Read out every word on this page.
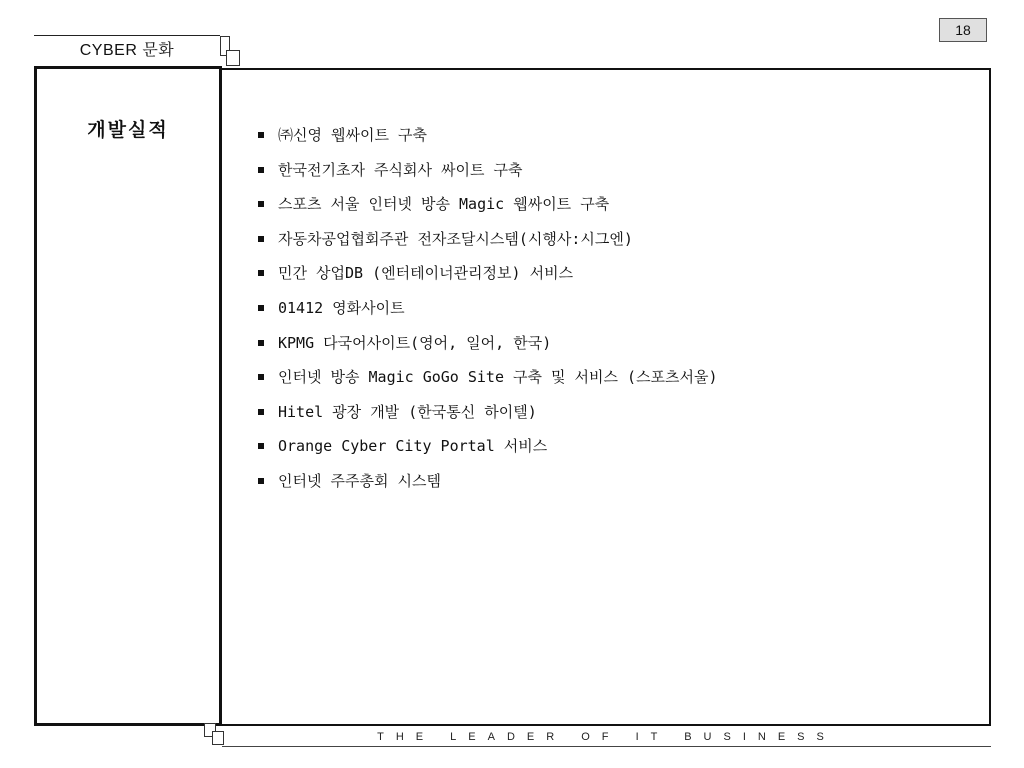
18
CYBER 문화
개발실적	㈜신영 웹싸이트 구축
한국전기초자 주식회사 싸이트 구축
스포츠 서울 인터넷 방송 Magic 웹싸이트 구축
자동차공업협회주관 전자조달시스템(시행사:시그엔)
민간 상업DB (엔터테이너관리정보) 서비스
01412 영화사이트
KPMG 다국어사이트(영어, 일어, 한국)
인터넷 방송 Magic GoGo Site 구축 및 서비스 (스포츠서울)
Hitel 광장 개발 (한국통신 하이텔)
Orange Cyber City Portal 서비스
인터넷 주주총회 시스템
THE LEADER OF IT BUSINESS
